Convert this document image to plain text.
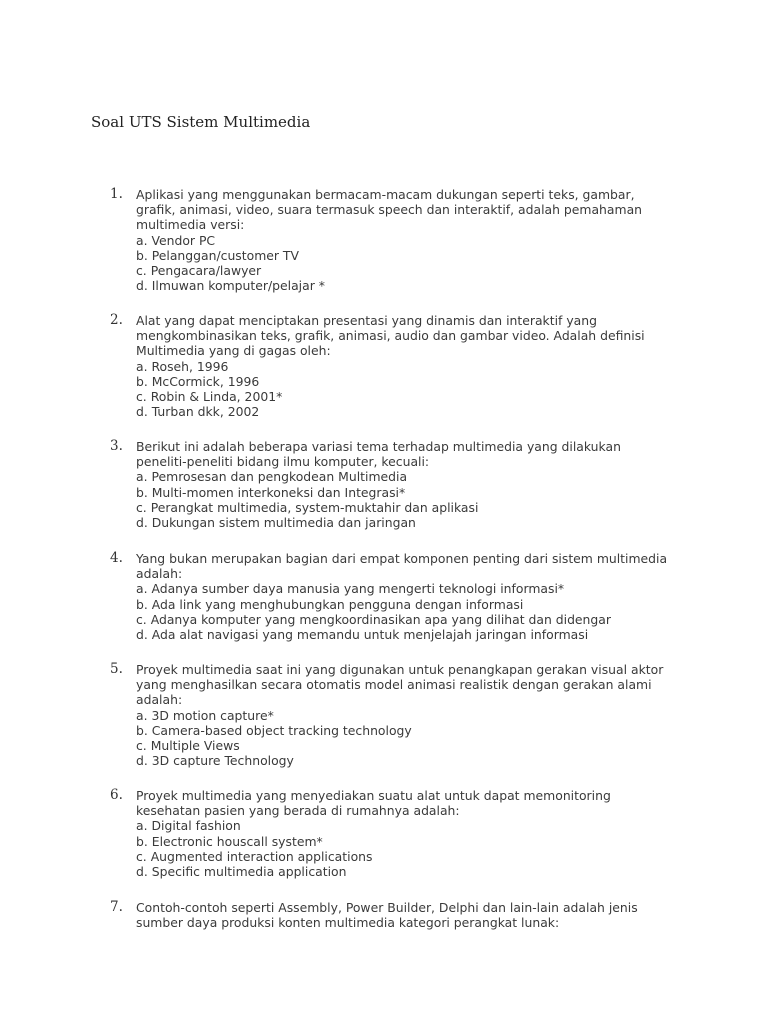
Soal UTS Sistem Multimedia
1.	Aplikasi yang menggunakan bermacam-macam dukungan seperti teks, gambar,
grafik, animasi, video, suara termasuk speech dan interaktif, adalah pemahaman
multimedia versi:
a. Vendor PC
b. Pelanggan/customer TV
c. Pengacara/lawyer
d. Ilmuwan komputer/pelajar *
2.	Alat yang dapat menciptakan presentasi yang dinamis dan interaktif yang
mengkombinasikan teks, grafik, animasi, audio dan gambar video. Adalah definisi
Multimedia yang di gagas oleh:
a. Roseh, 1996
b. McCormick, 1996
c. Robin & Linda, 2001*
d. Turban dkk, 2002
3.	Berikut ini adalah beberapa variasi tema terhadap multimedia yang dilakukan
peneliti-peneliti bidang ilmu komputer, kecuali:
a. Pemrosesan dan pengkodean Multimedia
b. Multi-momen interkoneksi dan Integrasi*
c. Perangkat multimedia, system-muktahir dan aplikasi
d. Dukungan sistem multimedia dan jaringan
4.	Yang bukan merupakan bagian dari empat komponen penting dari sistem multimedia
adalah:
a. Adanya sumber daya manusia yang mengerti teknologi informasi*
b. Ada link yang menghubungkan pengguna dengan informasi
c. Adanya komputer yang mengkoordinasikan apa yang dilihat dan didengar
d. Ada alat navigasi yang memandu untuk menjelajah jaringan informasi
5.	Proyek multimedia saat ini yang digunakan untuk penangkapan gerakan visual aktor
yang menghasilkan secara otomatis model animasi realistik dengan gerakan alami
adalah:
a. 3D motion capture*
b. Camera-based object tracking technology
c. Multiple Views
d. 3D capture Technology
6.	Proyek multimedia yang menyediakan suatu alat untuk dapat memonitoring
kesehatan pasien yang berada di rumahnya adalah:
a. Digital fashion
b. Electronic houscall system*
c. Augmented interaction applications
d. Specific multimedia application
7.	Contoh-contoh seperti Assembly, Power Builder, Delphi dan lain-lain adalah jenis
sumber daya produksi konten multimedia kategori perangkat lunak:
